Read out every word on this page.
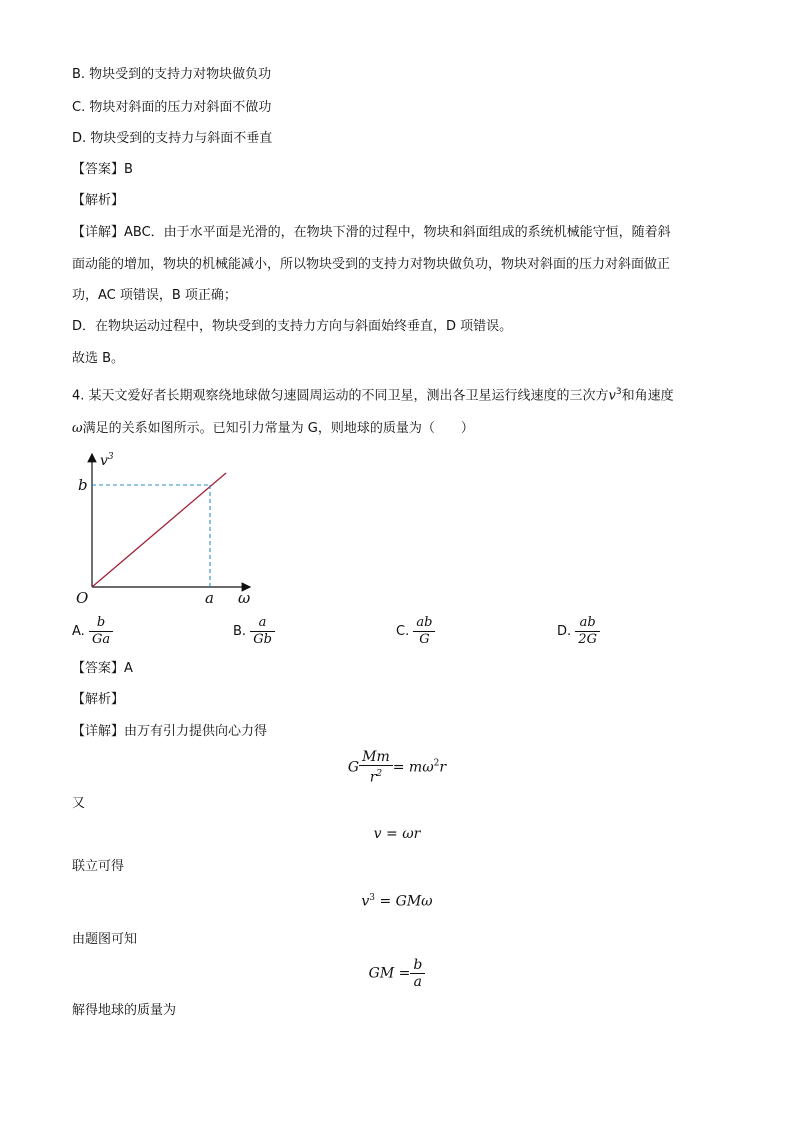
B. 物块受到的支持力对物块做负功
C. 物块对斜面的压力对斜面不做功
D. 物块受到的支持力与斜面不垂直
【答案】B
【解析】
【详解】ABC．由于水平面是光滑的，在物块下滑的过程中，物块和斜面组成的系统机械能守恒，随着斜
面动能的增加，物块的机械能减小，所以物块受到的支持力对物块做负功，物块对斜面的压力对斜面做正
功，AC 项错误，B 项正确；
D．在物块运动过程中，物块受到的支持力方向与斜面始终垂直，D 项错误。
故选 B。
4. 某天文爱好者长期观察绕地球做匀速圆周运动的不同卫星，测出各卫星运行线速度的三次方$v^3$和角速度
ω满足的关系如图所示。已知引力常量为 G，则地球的质量为（　　）
$v^3$
ω
O	a
b
A. $\frac{b}{Ga}$	B. $\frac{a}{Gb}$	C. $\frac{ab}{G}$	D. $\frac{ab}{2G}$
【答案】A
【解析】
【详解】由万有引力提供向心力得
G $\frac{Mm}{r^2} = m\omega^2r$
又
v = ωr
联立可得
$v^3 = GM\omega$
由题图可知
GM = $\frac{b}{a}$
解得地球的质量为
